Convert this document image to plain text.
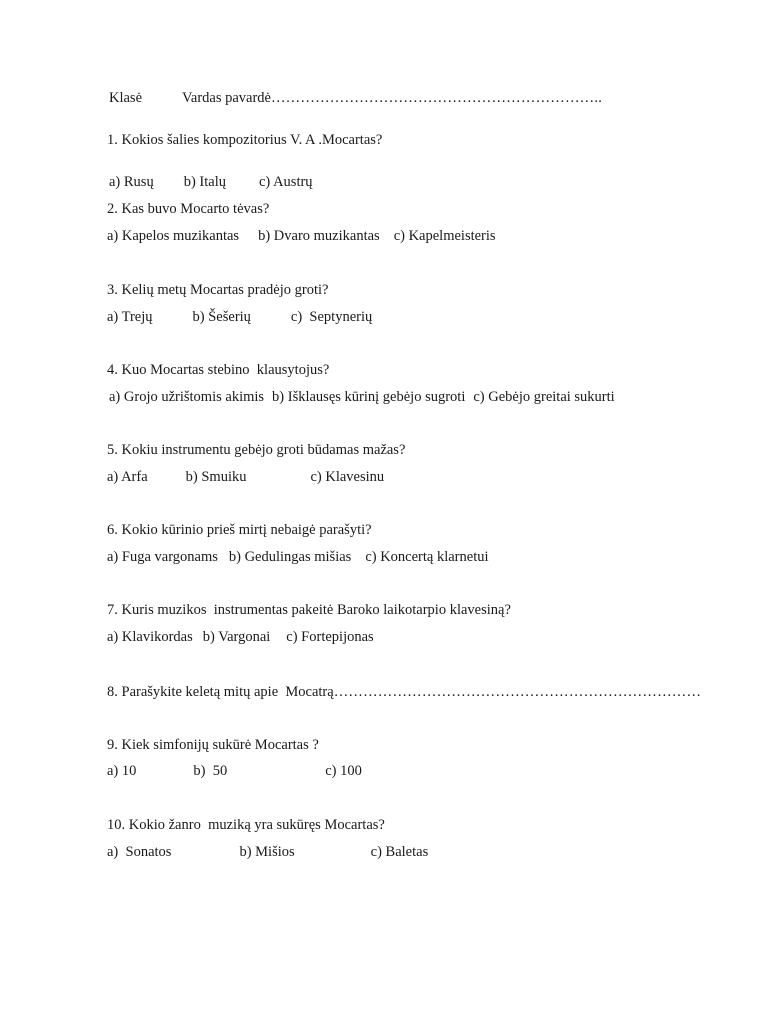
Klasė	Vardas pavardė…………………………………………………………..
1. Kokios šalies kompozitorius V. A .Mocartas?
a) Rusų b) Italų c) Austrų
2. Kas buvo Mocarto tėvas?
a) Kapelos muzikantas b) Dvaro muzikantas c) Kapelmeisteris
3. Kelių metų Mocartas pradėjo groti?
a) Trejų	b) Šešerių	c)  Septynerių
4. Kuo Mocartas stebino  klausytojus?
a) Grojo užrištomis akimis b) Išklausęs kūrinį gebėjo sugroti c) Gebėjo greitai sukurti
5. Kokiu instrumentu gebėjo groti būdamas mažas?
a) Arfa	b) Smuiku	c) Klavesinu
6. Kokio kūrinio prieš mirtį nebaigė parašyti?
a) Fuga vargonams b) Gedulingas mišias c) Koncertą klarnetui
7. Kuris muzikos  instrumentas pakeitė Baroko laikotarpio klavesiną?
a) Klavikordas b) Vargonai c) Fortepijonas
8. Parašykite keletą mitų apie  Mocatrą…………………………………………………………………
9. Kiek simfonijų sukūrė Mocartas ?
a) 10	b)  50	c) 100
10. Kokio žanro  muziką yra sukūręs Mocartas?
a)  Sonatos	b) Mišios	c) Baletas
